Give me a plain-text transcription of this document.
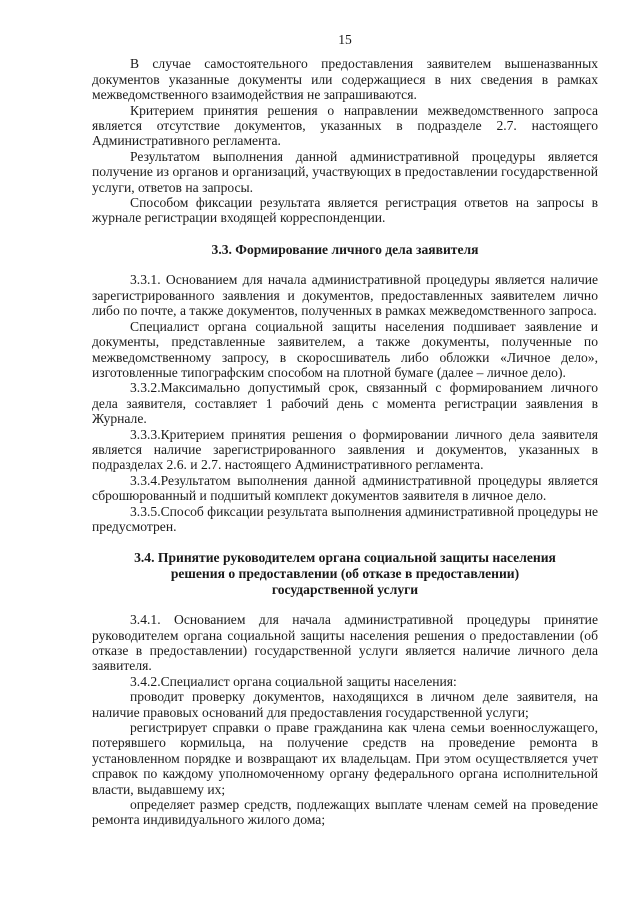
15

В случае самостоятельного предоставления заявителем вышеназванных документов указанные документы или содержащиеся в них сведения в рамках межведомственного взаимодействия не запрашиваются.

Критерием принятия решения о направлении межведомственного запроса является отсутствие документов, указанных в подразделе 2.7. настоящего Административного регламента.

Результатом выполнения данной административной процедуры является получение из органов и организаций, участвующих в предоставлении государственной услуги, ответов на запросы.

Способом фиксации результата является регистрация ответов на запросы в журнале регистрации входящей корреспонденции.

3.3. Формирование личного дела заявителя

3.3.1. Основанием для начала административной процедуры является наличие зарегистрированного заявления и документов, предоставленных заявителем лично либо по почте, а также документов, полученных в рамках межведомственного запроса.

Специалист органа социальной защиты населения подшивает заявление и документы, представленные заявителем, а также документы, полученные по межведомственному запросу, в скоросшиватель либо обложки «Личное дело», изготовленные типографским способом на плотной бумаге (далее – личное дело).

3.3.2.Максимально допустимый срок, связанный с формированием личного дела заявителя, составляет 1 рабочий день с момента регистрации заявления в Журнале.

3.3.3.Критерием принятия решения о формировании личного дела заявителя является наличие зарегистрированного заявления и документов, указанных в подразделах 2.6. и 2.7. настоящего Административного регламента.

3.3.4.Результатом выполнения данной административной процедуры является сброшюрованный и подшитый комплект документов заявителя в личное дело.

3.3.5.Способ фиксации результата выполнения административной процедуры не предусмотрен.

3.4. Принятие руководителем органа социальной защиты населения
решения о предоставлении (об отказе в предоставлении)
государственной услуги

3.4.1. Основанием для начала административной процедуры принятие руководителем органа социальной защиты населения решения о предоставлении (об отказе в предоставлении) государственной услуги является наличие личного дела заявителя.

3.4.2.Специалист органа социальной защиты населения:

проводит проверку документов, находящихся в личном деле заявителя, на наличие правовых оснований для предоставления государственной услуги;

регистрирует справки о праве гражданина как члена семьи военнослужащего, потерявшего кормильца, на получение средств на проведение ремонта в установленном порядке и возвращают их владельцам. При этом осуществляется учет справок по каждому уполномоченному органу федерального органа исполнительной власти, выдавшему их;

определяет размер средств, подлежащих выплате членам семей на проведение ремонта индивидуального жилого дома;
